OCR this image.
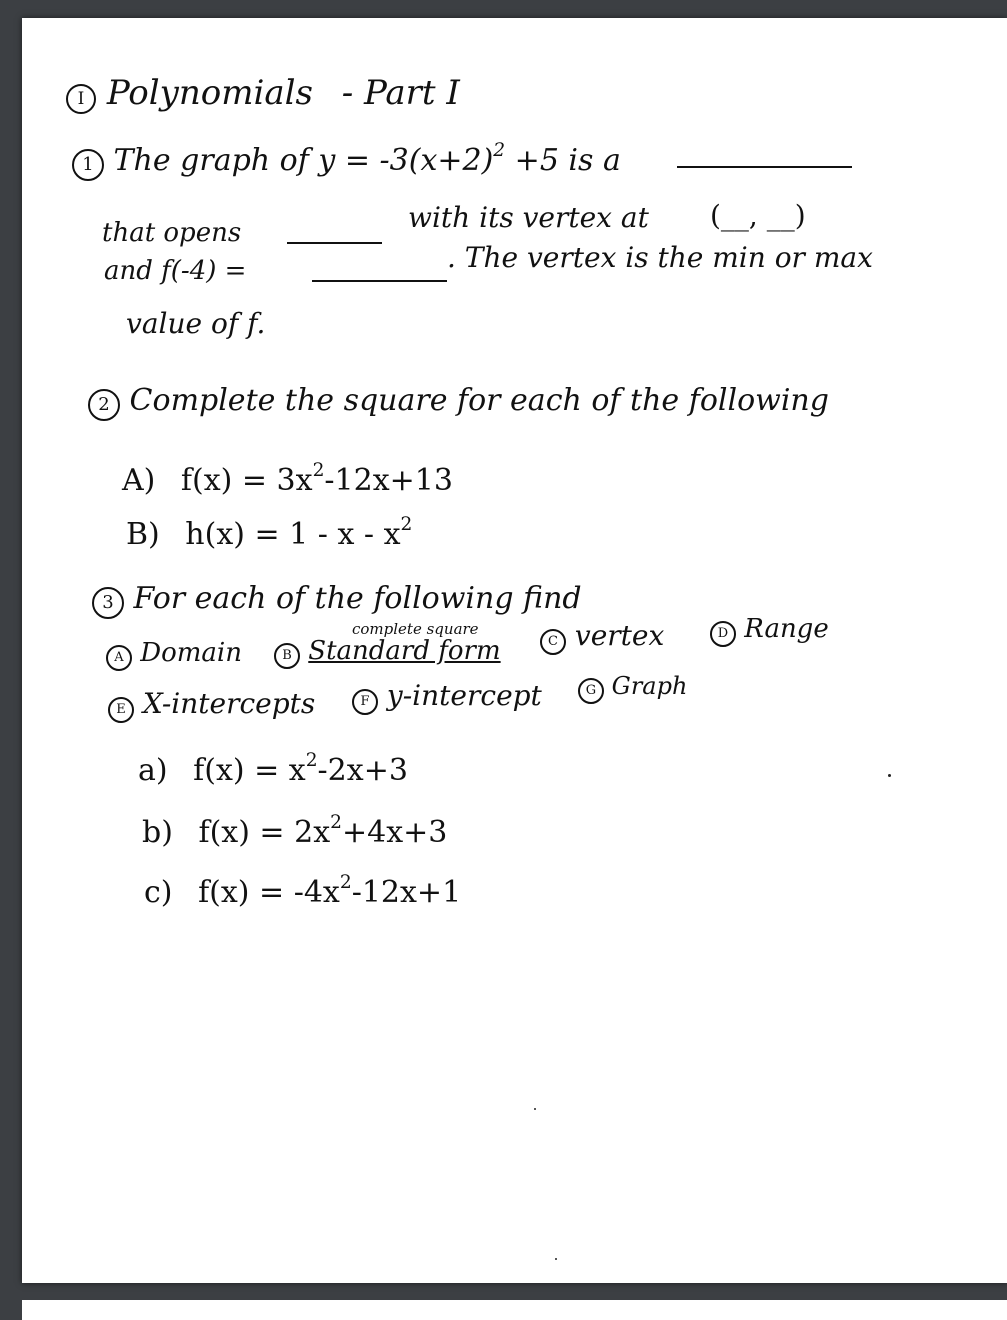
I Polynomials - Part I
1 The graph of $y = -3(x+2)^2 +5$ is a
that opens	with its vertex at (__, __)
and f(-4) =	. The vertex is the min or max
value of f.
2 Complete the square for each of the following
A) $f(x) = 3x^2-12x+13$
B) $h(x) = 1 - x - x^2$
3 For each of the following find
complete square
A Domain	B Standard form	C vertex	D Range
E X-intercepts	F y-intercept	G Graph
a) $f(x) = x^2-2x+3$
b) $f(x) = 2x^2+4x+3$
c) $f(x) = -4x^2-12x+1$
